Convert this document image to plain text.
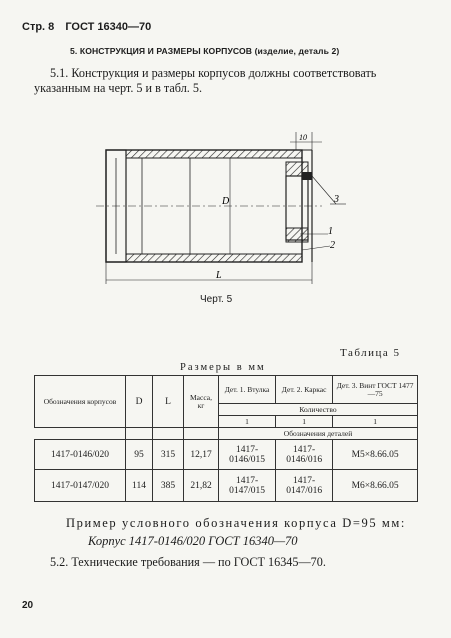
Стр. 8 ГОСТ 16340—70
5. КОНСТРУКЦИЯ И РАЗМЕРЫ КОРПУСОВ (изделие, деталь 2)
5.1. Конструкция и размеры корпусов должны соответствовать указанным на черт. 5 и в табл. 5.
D
L
10
3
1
2
Черт. 5
Таблица 5
Размеры в мм
Обозначения корпусов	D	L	Масса, кг	Дет. 1. Втулка	Дет. 2. Каркас	Дет. 3. Винт ГОСТ 1477—75
				Количество		
				1	1	1
				Обозначения деталей		
1417-0146/020	95	315	12,17	1417-0146/015	1417-0146/016	М5×8.66.05
1417-0147/020	114	385	21,82	1417-0147/015	1417-0147/016	М6×8.66.05
Пример условного обозначения корпуса D=95 мм:
Корпус 1417-0146/020 ГОСТ 16340—70
5.2. Технические требования — по ГОСТ 16345—70.
20
